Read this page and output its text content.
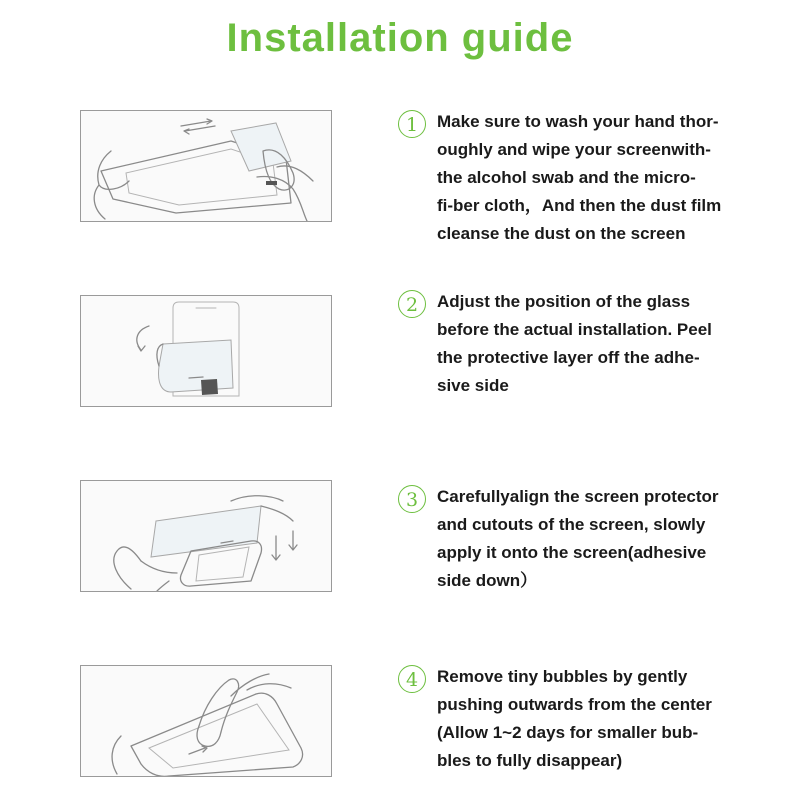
Installation guide
1	Make sure to wash your hand thor-
oughly and wipe your screenwith-
the alcohol swab and the micro-
fi-ber cloth，And then the dust film
cleanse the dust on the screen
2	Adjust the position of the glass
before the actual installation. Peel
the protective layer off the adhe-
sive side
3	Carefullyalign the screen protector
and cutouts of the screen, slowly
apply it onto the screen(adhesive
side down）
4	Remove tiny bubbles by gently
pushing outwards from the center
(Allow 1~2 days for smaller bub-
bles to fully disappear)
